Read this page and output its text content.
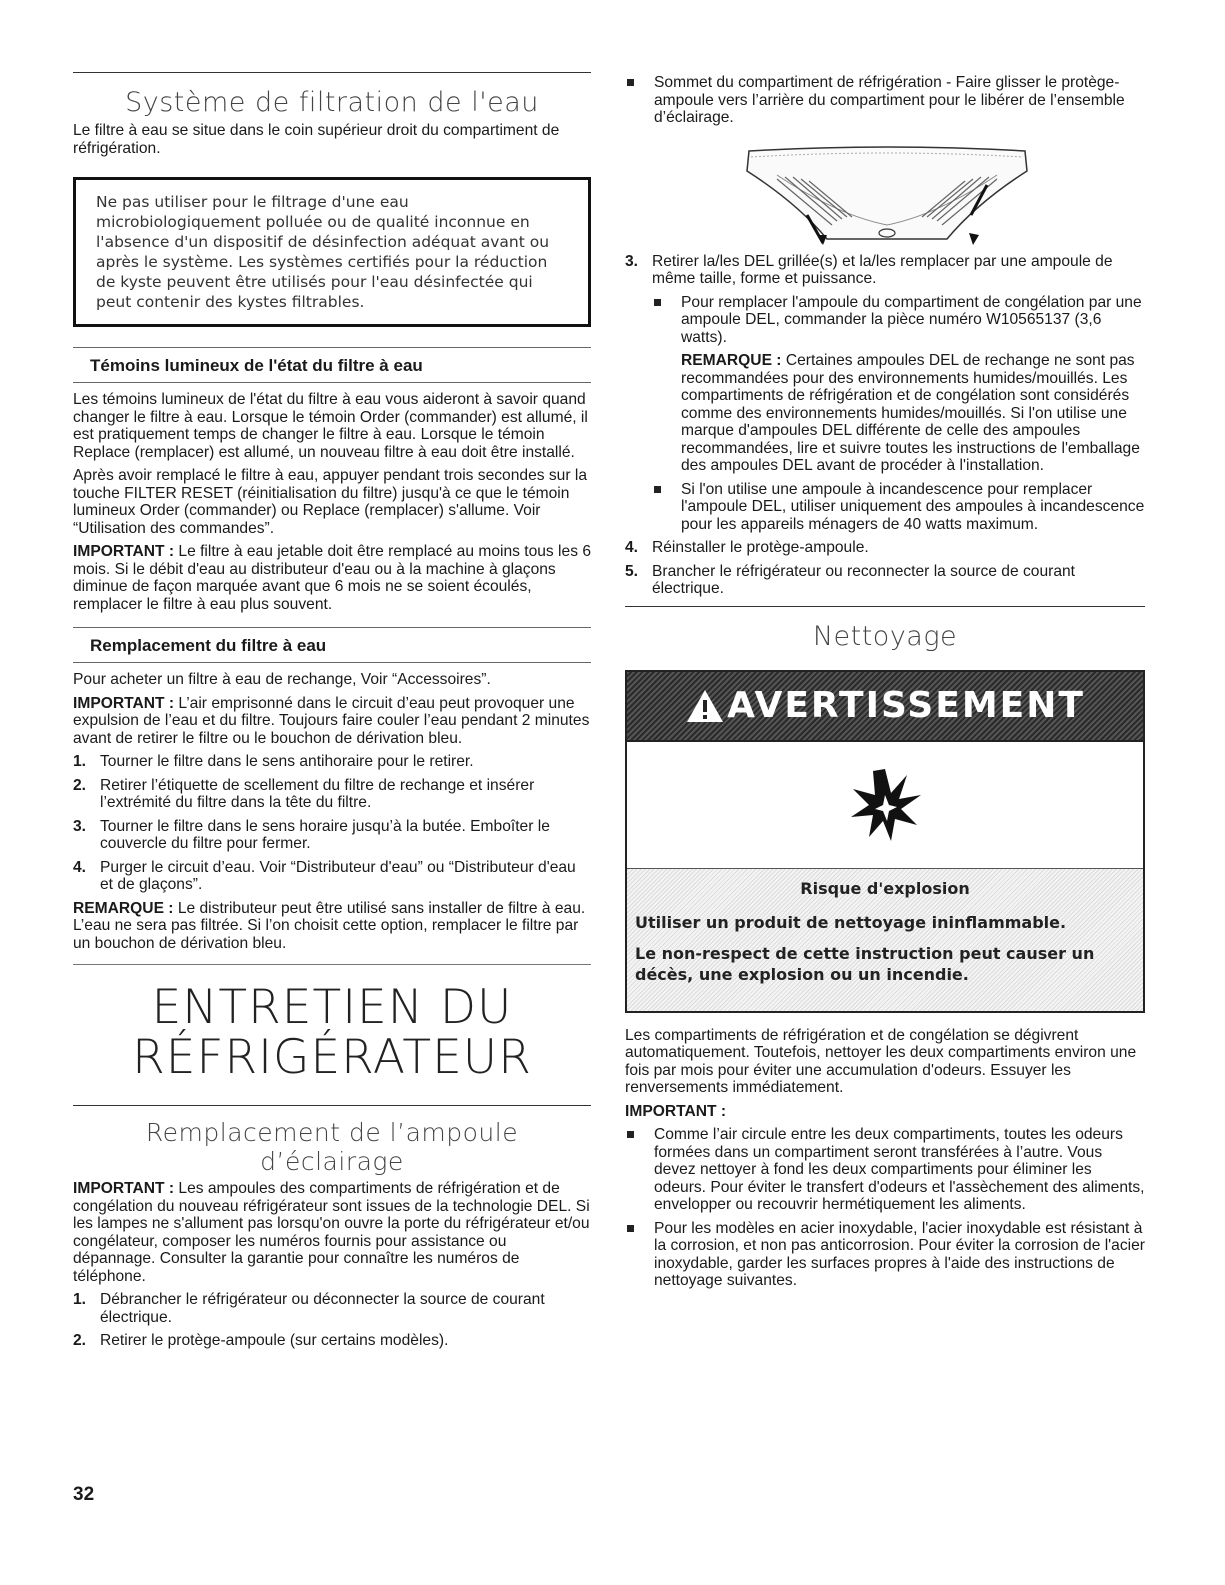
Système de filtration de l'eau

Le filtre à eau se situe dans le coin supérieur droit du compartiment de réfrigération.

Ne pas utiliser pour le filtrage d'une eau microbiologiquement polluée ou de qualité inconnue en l'absence d'un dispositif de désinfection adéquat avant ou après le système. Les systèmes certifiés pour la réduction de kyste peuvent être utilisés pour l'eau désinfectée qui peut contenir des kystes filtrables.
Témoins lumineux de l'état du filtre à eau

Les témoins lumineux de l'état du filtre à eau vous aideront à savoir quand changer le filtre à eau. Lorsque le témoin Order (commander) est allumé, il est pratiquement temps de changer le filtre à eau. Lorsque le témoin Replace (remplacer) est allumé, un nouveau filtre à eau doit être installé.

Après avoir remplacé le filtre à eau, appuyer pendant trois secondes sur la touche FILTER RESET (réinitialisation du filtre) jusqu'à ce que le témoin lumineux Order (commander) ou Replace (remplacer) s'allume. Voir “Utilisation des commandes”.

IMPORTANT : Le filtre à eau jetable doit être remplacé au moins tous les 6 mois. Si le débit d'eau au distributeur d'eau ou à la machine à glaçons diminue de façon marquée avant que 6 mois ne se soient écoulés, remplacer le filtre à eau plus souvent.

Remplacement du filtre à eau

Pour acheter un filtre à eau de rechange, Voir “Accessoires”.

IMPORTANT : L’air emprisonné dans le circuit d’eau peut provoquer une expulsion de l’eau et du filtre. Toujours faire couler l’eau pendant 2 minutes avant de retirer le filtre ou le bouchon de dérivation bleu.

1. Tourner le filtre dans le sens antihoraire pour le retirer.
2. Retirer l’étiquette de scellement du filtre de rechange et insérer l’extrémité du filtre dans la tête du filtre.
3. Tourner le filtre dans le sens horaire jusqu’à la butée. Emboîter le couvercle du filtre pour fermer.
4. Purger le circuit d’eau. Voir “Distributeur d'eau” ou “Distributeur d'eau et de glaçons”.

REMARQUE : Le distributeur peut être utilisé sans installer de filtre à eau. L’eau ne sera pas filtrée. Si l’on choisit cette option, remplacer le filtre par un bouchon de dérivation bleu.

ENTRETIEN DU
RÉFRIGÉRATEUR
Remplacement de l’ampoule d’éclairage

IMPORTANT : Les ampoules des compartiments de réfrigération et de congélation du nouveau réfrigérateur sont issues de la technologie DEL. Si les lampes ne s'allument pas lorsqu'on ouvre la porte du réfrigérateur et/ou congélateur, composer les numéros fournis pour assistance ou dépannage. Consulter la garantie pour connaître les numéros de téléphone.

1. Débrancher le réfrigérateur ou déconnecter la source de courant électrique.
2. Retirer le protège-ampoule (sur certains modèles).
Sommet du compartiment de réfrigération - Faire glisser le protège-ampoule vers l’arrière du compartiment pour le libérer de l’ensemble d’éclairage.
3. Retirer la/les DEL grillée(s) et la/les remplacer par une ampoule de même taille, forme et puissance.
Pour remplacer l'ampoule du compartiment de congélation par une ampoule DEL, commander la pièce numéro W10565137 (3,6 watts).
REMARQUE : Certaines ampoules DEL de rechange ne sont pas recommandées pour des environnements humides/mouillés. Les compartiments de réfrigération et de congélation sont considérés comme des environnements humides/mouillés. Si l'on utilise une marque d'ampoules DEL différente de celle des ampoules recommandées, lire et suivre toutes les instructions de l'emballage des ampoules DEL avant de procéder à l'installation.
Si l'on utilise une ampoule à incandescence pour remplacer l'ampoule DEL, utiliser uniquement des ampoules à incandescence pour les appareils ménagers de 40 watts maximum.
4. Réinstaller le protège-ampoule.
5. Brancher le réfrigérateur ou reconnecter la source de courant électrique.
Nettoyage
AVERTISSEMENT
Risque d'explosion
Utiliser un produit de nettoyage ininflammable.
Le non-respect de cette instruction peut causer un décès, une explosion ou un incendie.

Les compartiments de réfrigération et de congélation se dégivrent automatiquement. Toutefois, nettoyer les deux compartiments environ une fois par mois pour éviter une accumulation d'odeurs. Essuyer les renversements immédiatement.

IMPORTANT :

Comme l’air circule entre les deux compartiments, toutes les odeurs formées dans un compartiment seront transférées à l’autre. Vous devez nettoyer à fond les deux compartiments pour éliminer les odeurs. Pour éviter le transfert d'odeurs et l'assèchement des aliments, envelopper ou recouvrir hermétiquement les aliments.
Pour les modèles en acier inoxydable, l'acier inoxydable est résistant à la corrosion, et non pas anticorrosion. Pour éviter la corrosion de l'acier inoxydable, garder les surfaces propres à l'aide des instructions de nettoyage suivantes.
32
